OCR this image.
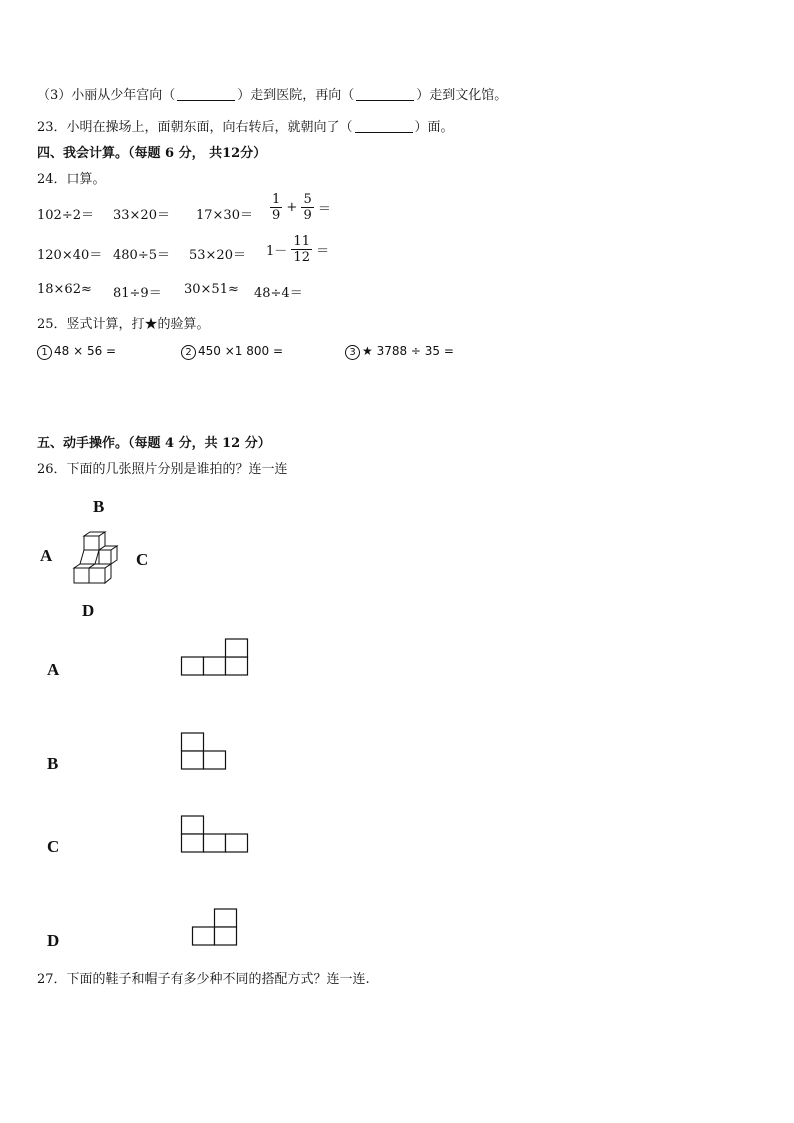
（3）小丽从少年宫向（	）走到医院，再向（	）走到文化馆。
23．小明在操场上，面朝东面，向右转后，就朝向了（	）面。
四、我会计算。（每题 6 分， 共12分）
24．口算。
$102\div 2= 33\times 20= 17\times 30= \frac{1}{9} + \frac{5}{9}$ ＝
$120\times 40= 480\div 5= 53\times 20= 1- \frac{11}{12}$ ＝
18×62≈ 81÷9＝ 30×51≈ 48÷4＝
25．竖式计算，打★的验算。
1 48 × 56 =	2 450 ×1 800 =	3 ★ 3788 ÷ 35 =
五、动手操作。（每题 4 分，共 12 分）
26．下面的几张照片分别是谁拍的？连一连
B
A	C
D
A
B
C
D
27．下面的鞋子和帽子有多少种不同的搭配方式？连一连.
